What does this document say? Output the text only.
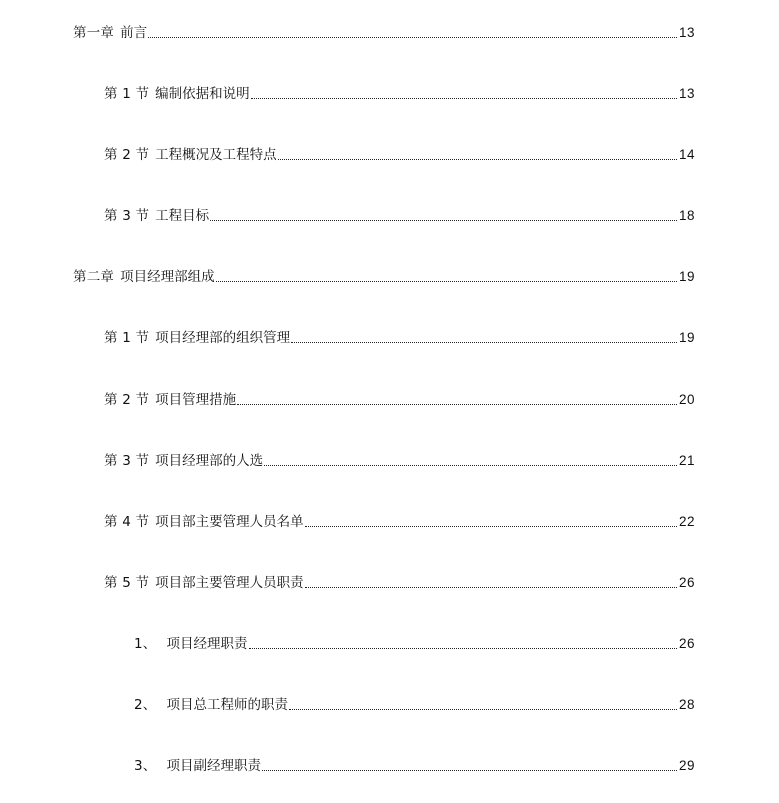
第一章 前言	13
第 1 节 编制依据和说明	13
第 2 节 工程概况及工程特点	14
第 3 节 工程目标	18
第二章 项目经理部组成	19
第 1 节 项目经理部的组织管理	19
第 2 节 项目管理措施	20
第 3 节 项目经理部的人选	21
第 4 节 项目部主要管理人员名单	22
第 5 节 项目部主要管理人员职责	26
1、 项目经理职责	26
2、 项目总工程师的职责	28
3、 项目副经理职责	29
